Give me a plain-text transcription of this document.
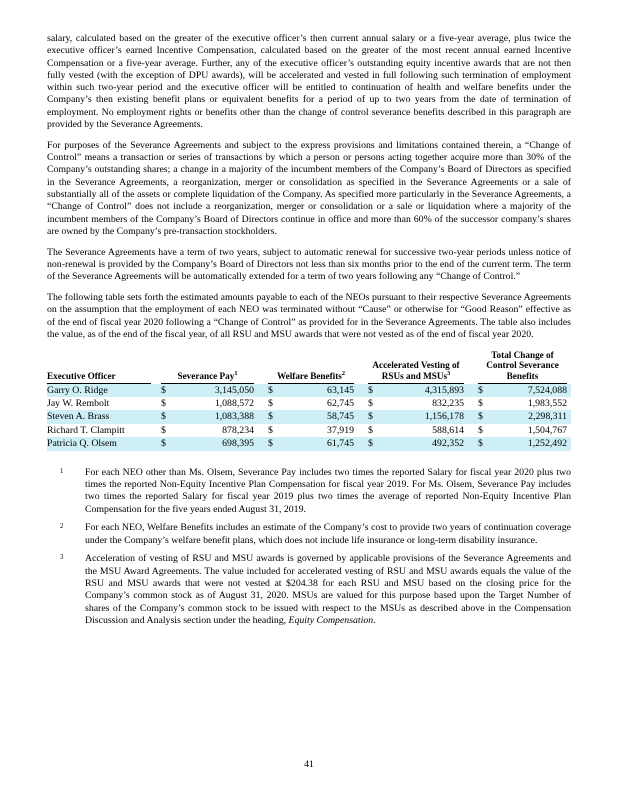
salary, calculated based on the greater of the executive officer’s then current annual salary or a five-year average, plus twice the executive officer’s earned Incentive Compensation, calculated based on the greater of the most recent annual earned Incentive Compensation or a five-year average. Further, any of the executive officer’s outstanding equity incentive awards that are not then fully vested (with the exception of DPU awards), will be accelerated and vested in full following such termination of employment within such two-year period and the executive officer will be entitled to continuation of health and welfare benefits under the Company’s then existing benefit plans or equivalent benefits for a period of up to two years from the date of termination of employment. No employment rights or benefits other than the change of control severance benefits described in this paragraph are provided by the Severance Agreements.

For purposes of the Severance Agreements and subject to the express provisions and limitations contained therein, a “Change of Control” means a transaction or series of transactions by which a person or persons acting together acquire more than 30% of the Company’s outstanding shares; a change in a majority of the incumbent members of the Company’s Board of Directors as specified in the Severance Agreements, a reorganization, merger or consolidation as specified in the Severance Agreements or a sale of substantially all of the assets or complete liquidation of the Company. As specified more particularly in the Severance Agreements, a “Change of Control” does not include a reorganization, merger or consolidation or a sale or liquidation where a majority of the incumbent members of the Company’s Board of Directors continue in office and more than 60% of the successor company’s shares are owned by the Company’s pre-transaction stockholders.

The Severance Agreements have a term of two years, subject to automatic renewal for successive two-year periods unless notice of non-renewal is provided by the Company’s Board of Directors not less than six months prior to the end of the current term. The term of the Severance Agreements will be automatically extended for a term of two years following any “Change of Control.”

The following table sets forth the estimated amounts payable to each of the NEOs pursuant to their respective Severance Agreements on the assumption that the employment of each NEO was terminated without “Cause” or otherwise for “Good Reason” effective as of the end of fiscal year 2020 following a “Change of Control” as provided for in the Severance Agreements. The table also includes the value, as of the end of the fiscal year, of all RSU and MSU awards that were not vested as of the end of fiscal year 2020.

Executive Officer	Severance Pay$^1$	Welfare Benefits$^2$	Accelerated Vesting of RSUs and MSUs$^3$	Total Change of Control Severance Benefits

Garry O. Ridge	$ 3,145,050	$ 63,145	$ 4,315,893	$ 7,524,088

Jay W. Rembolt	$ 1,088,572	$ 62,745	$ 832,235	$ 1,983,552

Steven A. Brass	$ 1,083,388	$ 58,745	$ 1,156,178	$ 2,298,311

Richard T. Clampitt	$ 878,234	$ 37,919	$ 588,614	$ 1,504,767

Patricia Q. Olsem	$ 698,395	$ 61,745	$ 492,352	$ 1,252,492
1 For each NEO other than Ms. Olsem, Severance Pay includes two times the reported Salary for fiscal year 2020 plus two times the reported Non-Equity Incentive Plan Compensation for fiscal year 2019. For Ms. Olsem, Severance Pay includes two times the reported Salary for fiscal year 2019 plus two times the average of reported Non-Equity Incentive Plan Compensation for the five years ended August 31, 2019.
2 For each NEO, Welfare Benefits includes an estimate of the Company’s cost to provide two years of continuation coverage under the Company’s welfare benefit plans, which does not include life insurance or long-term disability insurance.
3 Acceleration of vesting of RSU and MSU awards is governed by applicable provisions of the Severance Agreements and the MSU Award Agreements. The value included for accelerated vesting of RSU and MSU awards equals the value of the RSU and MSU awards that were not vested at $204.38 for each RSU and MSU based on the closing price for the Company’s common stock as of August 31, 2020. MSUs are valued for this purpose based upon the Target Number of shares of the Company’s common stock to be issued with respect to the MSUs as described above in the Compensation Discussion and Analysis section under the heading, Equity Compensation.
41
